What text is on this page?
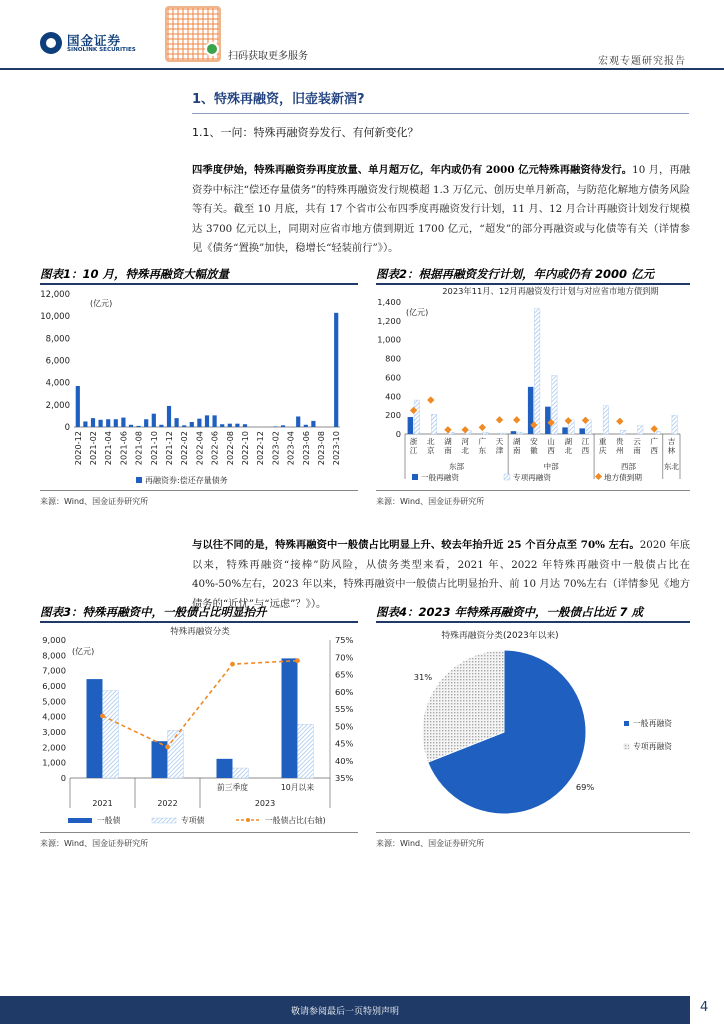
国金证券
SINOLINK SECURITIES
扫码获取更多服务	宏观专题研究报告
1、特殊再融资，旧壶装新酒?
1.1、一问：特殊再融资券发行、有何新变化？
四季度伊始，特殊再融资券再度放量、单月超万亿，年内或仍有 2000 亿元特殊再融资待发行。10 月，再融资券中标注“偿还存量债务”的特殊再融资发行规模超 1.3 万亿元、创历史单月新高，与防范化解地方债务风险等有关。截至 10 月底，共有 17 个省市公布四季度再融资发行计划，11 月、12 月合计再融资计划发行规模达 3700 亿元以上，同期对应省市地方债到期近 1700 亿元，“超发”的部分再融资或与化债等有关（详情参见《债务“置换”加快，稳增长“轻装前行”》）。
图表1：10 月，特殊再融资大幅放量	图表2：根据再融资发行计划，年内或仍有 2000 亿元
0
2,000
4,000
6,000
8,000
10,000
12,000
(亿元)
2020-12 2021-02 2021-04 2021-06 2021-08 2021-10 2021-12 2022-02 2022-04 2022-06 2022-08 2022-10 2022-12 2023-02 2023-04 2023-06 2023-08 2023-10
再融资券:偿还存量债务
2023年11月、12月再融资发行计划与对应省市地方债到期
0
200
400
600
800
1,000
1,200
1,400
(亿元)
浙
江
北
京
湖
南
河
北
广
东
天
津
湖
南
安
徽
山
西
湖
北
江
西
重
庆
贵
州
云
南
广
西
吉
林
东部	中部	西部	东北
一般再融资	专项再融资	地方债到期
来源：Wind、国金证券研究所	来源：Wind、国金证券研究所
与以往不同的是，特殊再融资中一般债占比明显上升、较去年抬升近 25 个百分点至 70% 左右。2020 年底以来，特殊再融资“接棒”防风险，从债务类型来看，2021 年、2022 年特殊再融资中一般债占比在 40%-50%左右，2023 年以来，特殊再融资中一般债占比明显抬升、前 10 月达 70%左右（详情参见《地方债务的“近忧”与“远虑”？》）。
图表3：特殊再融资中，一般债占比明显抬升	图表4：2023 年特殊再融资中，一般债占比近 7 成
特殊再融资分类
0
1,000
2,000
3,000
4,000
5,000
6,000
7,000
8,000
9,000
35%
40%
45%
50%
55%
60%
65%
70%
75%
(亿元)
前三季度	10月以来
2021	2022	2023
一般债	专项债	一般债占比(右轴)
特殊再融资分类(2023年以来)
69%
31%
一般再融资
专项再融资
来源：Wind、国金证券研究所	来源：Wind、国金证券研究所
敬请参阅最后一页特别声明	4
